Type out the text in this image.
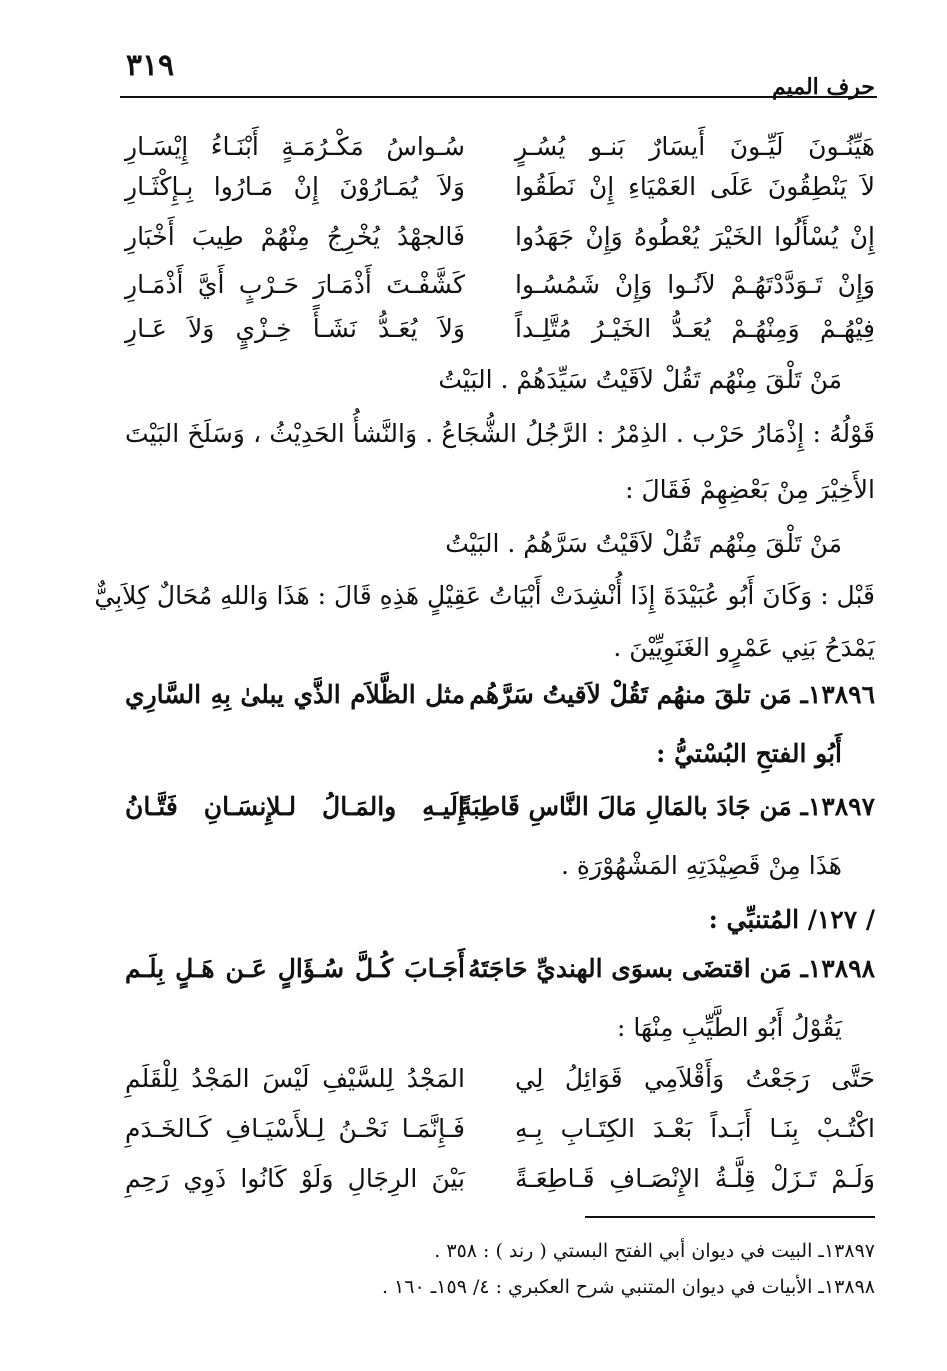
٣١٩
حرف الميم
هَيِّنُـونَ لَيِّـونَ أَيسَارٌ بَنـو يُسُـرٍ
سُـواسُ مَكْـرُمَـةٍ أَبْنَـاءُ إِيْسَـارِ
لاَ يَنْطِقُونَ عَلَى العَمْيَاءِ إِنْ نَطَقُوا
وَلاَ يُمَـارُوْنَ إِنْ مَـارُوا بِـإِكْثَـارِ
إِنْ يُسْأَلُوا الخَيْرَ يُعْطُوهُ وَإِنْ جَهَدُوا
فَالجهْدُ يُخْرِجُ مِنْهُمْ طِيبَ أَخْبَارِ
وَإِنْ تَـوَدَّدْتَهُـمْ لاَنُـوا وَإِنْ شَمُسُـوا
كَشَّفْـتَ أَذْمَـارَ حَـرْبٍ أَيَّ أَذْمَـارِ
فِيْهُـمْ وَمِنْهُـمْ يُعَـدُّ الخَيْـرُ مُتَّلِـداً
وَلاَ يُعَـدُّ نَشَـأً خِـزْيٍ وَلاَ عَـارِ
مَنْ تَلْقَ مِنْهُم تَقُلْ لاَقَيْتُ سَيِّدَهُمْ . البَيْتُ
قَوْلُهُ : إِذْمَارُ حَرْب . الذِمْرُ : الرَّجُلُ الشُّجَاعُ . وَالنَّشأُ الحَدِيْثُ ، وَسَلَخَ البَيْتَ
الأَخِيْرَ مِنْ بَعْضِهِمْ فَقَالَ :
مَنْ تَلْقَ مِنْهُم تَقُلْ لاَقَيْتُ سَرَّهُمُ . البَيْتُ
قَبْل : وَكَانَ أَبُو عُبَيْدَةَ إِذَا أُنْشِدَتْ أَبْيَاتُ عَقِيْلٍ هَذِهِ قَالَ : هَذَا وَاللهِ مُحَالٌ كِلاَبِيٌّ
يَمْدَحُ بَنِي عَمْرٍو الغَنَوِيِّيْنَ .
١٣٨٩٦ـ مَن تلقَ منهُم تَقُلْ لاَقيتُ سَرَّهُم
مثل الظَّلاَم الذَّي يبلىٰ بِهِ السَّارِي
أَبُو الفتحِ البُسْتيُّ :
١٣٨٩٧ـ مَن جَادَ بالمَالِ مَالَ النَّاسِ قَاطِبَةً
إِلَيـهِ والمَـالُ لـلإِنسَـانِ فَتَّـانُ
هَذَا مِنْ قَصِيْدَتِهِ المَشْهُوْرَةِ .
/ ١٢٧/ المُتنبِّي :
١٣٨٩٨ـ مَن اقتضَى بسوَى الهنديِّ حَاجَتَهُ
أَجَـابَ كُـلَّ سُـؤَالٍ عَـن هَـلٍ بِلَـم
يَقُوْلُ أَبُو الطَّيِّبِ مِنْهَا :
حَتَّى رَجَعْتُ وَأَقْلاَمِي قَوَائِلُ لِي
المَجْدُ لِلسَّيْفِ لَيْسَ المَجْدُ لِلْقَلَمِ
اكْتُـبْ بِنَـا أَبَـداً بَعْـدَ الكِتَـابِ بِـهِ
فَـإِنَّمَـا نَحْـنُ لِـلأَسْيَـافِ كَـالخَـدَمِ
وَلَـمْ تَـزَلْ قِلَّـةُ الإِنْصَـافِ قَـاطِعَـةً
بَيْنَ الرِجَالِ وَلَوْ كَانُوا ذَوِي رَحِمِ
١٣٨٩٧ـ البيت في ديوان أبي الفتح البستي ( رند ) : ٣٥٨ .
١٣٨٩٨ـ الأبيات في ديوان المتنبي شرح العكبري : ٤/ ١٥٩ـ ١٦٠ .
